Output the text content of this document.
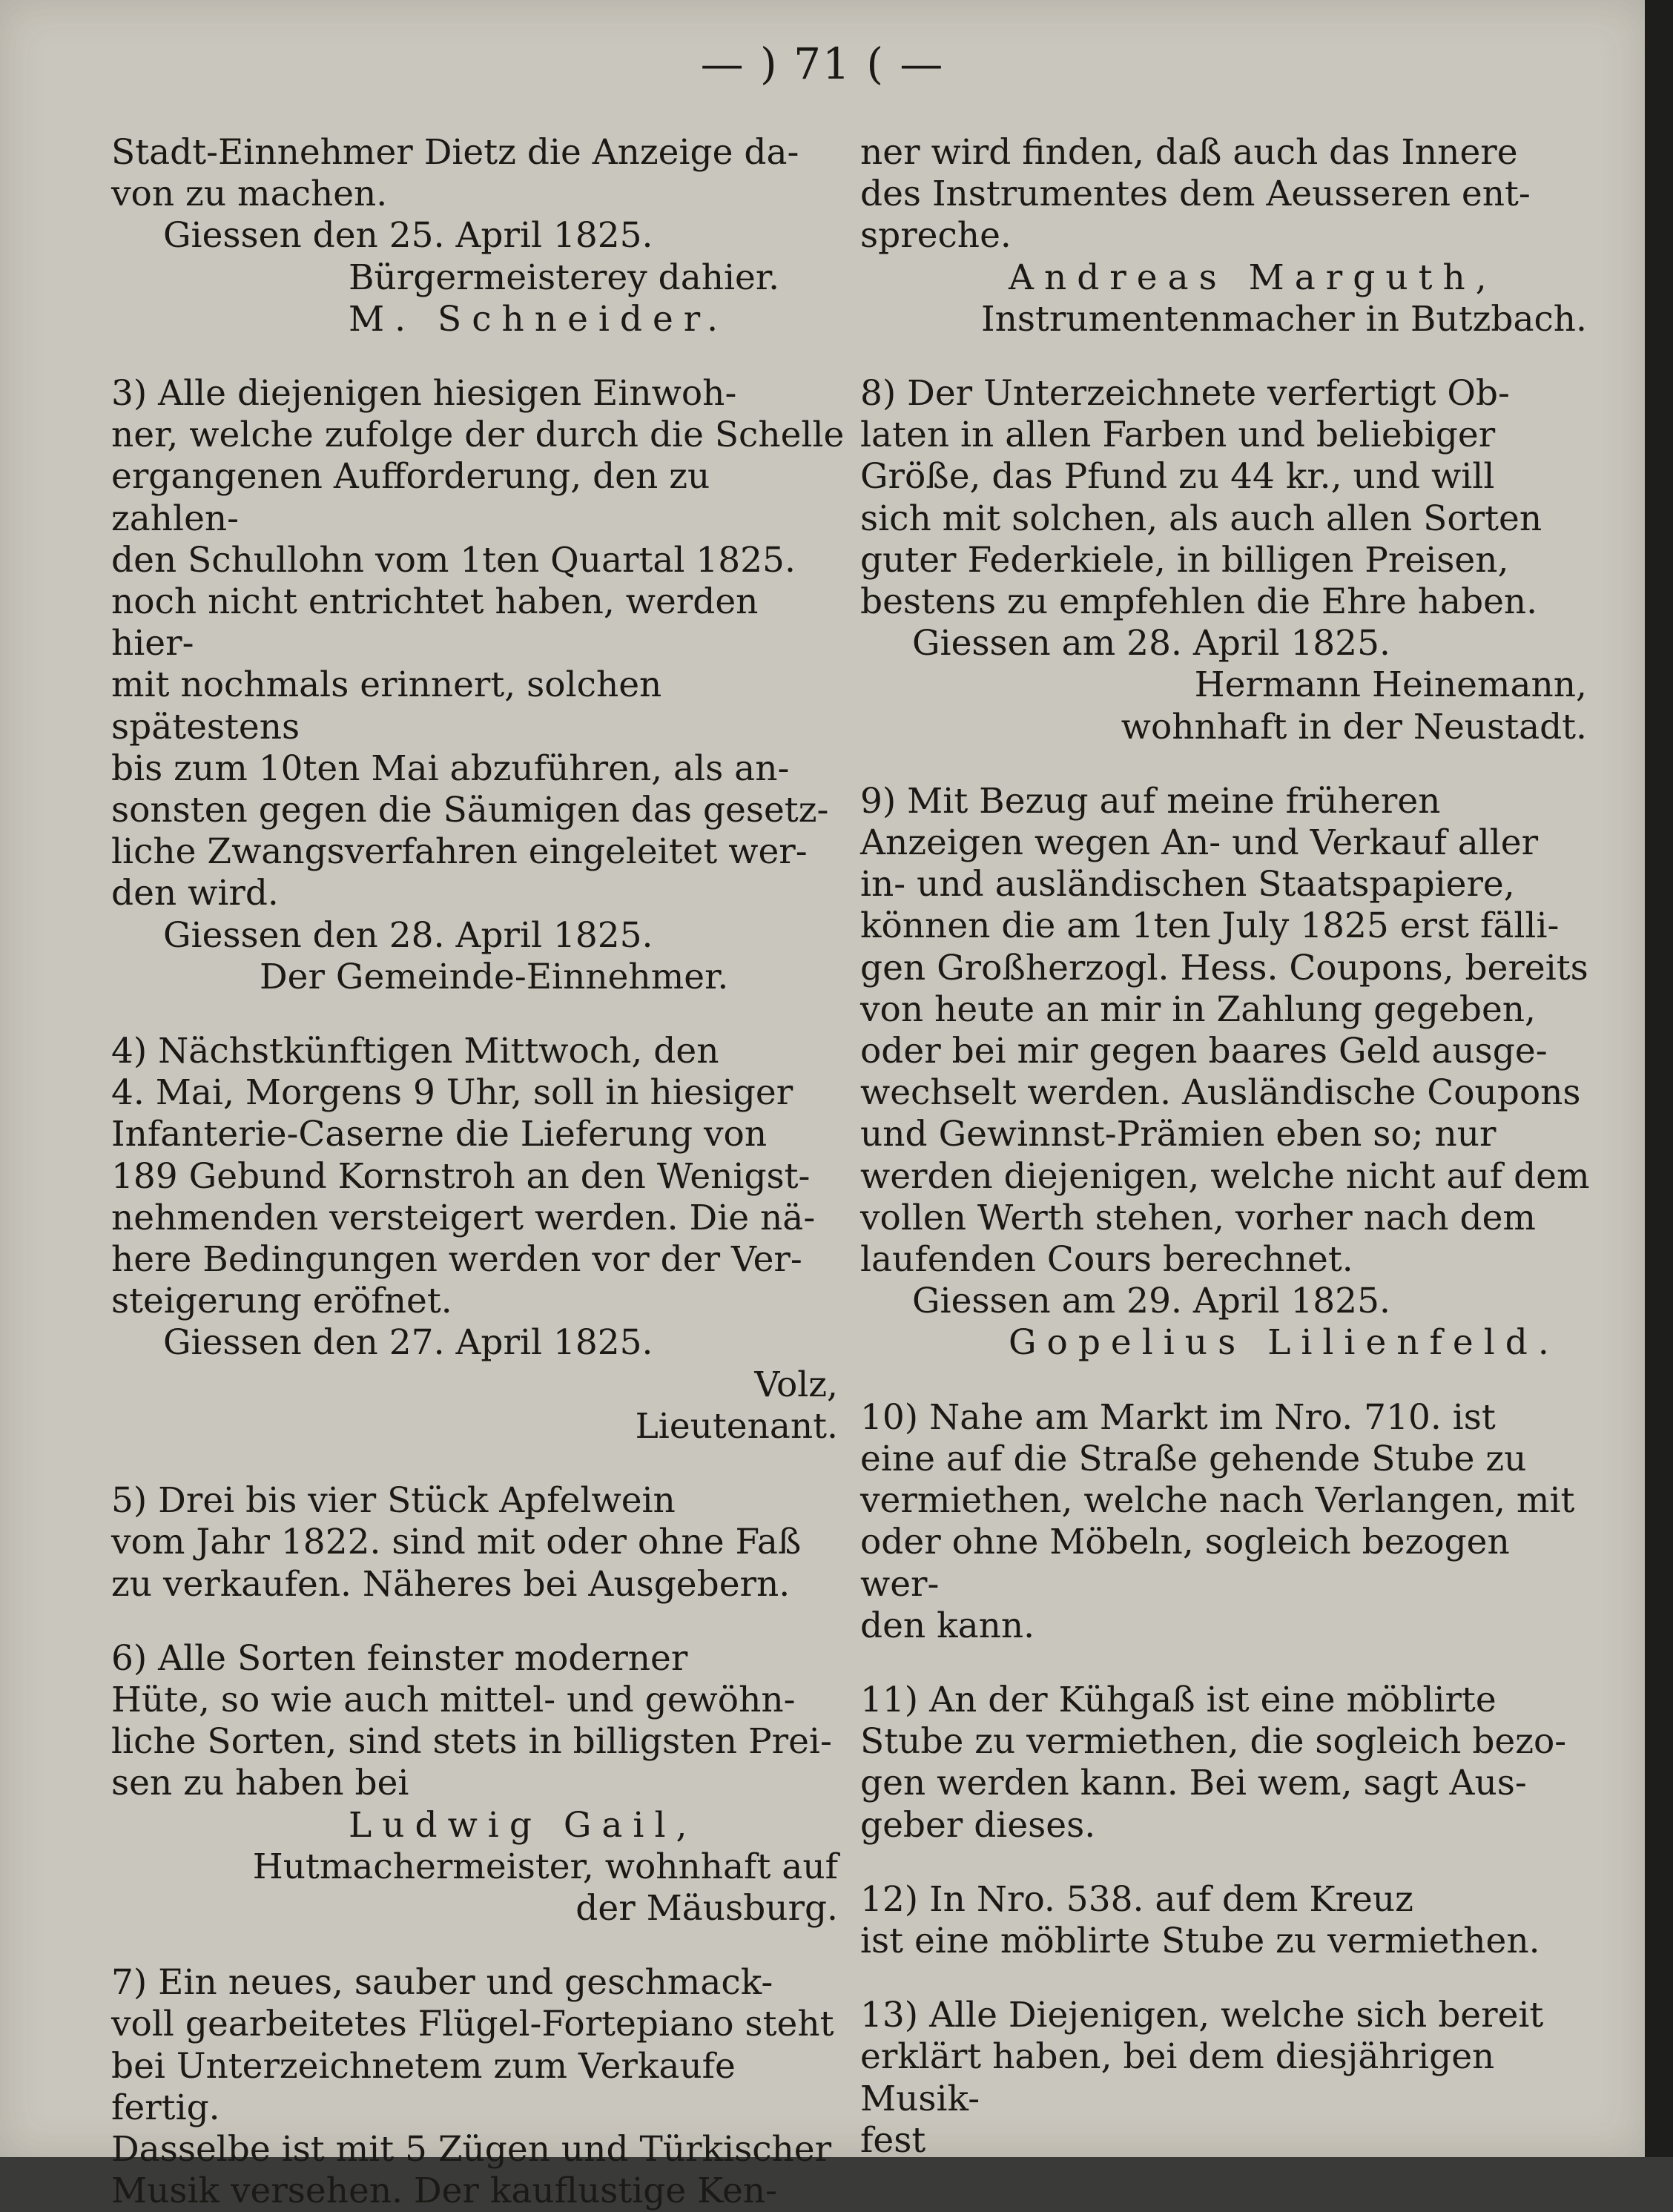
— ) 71 ( —

Stadt-Einnehmer Dietz die Anzeige da-

von zu machen.

Giessen den 25. April 1825.

Bürgermeisterey dahier.

M. Schneider.

3) Alle diejenigen hiesigen Einwoh-

ner, welche zufolge der durch die Schelle

ergangenen Aufforderung, den zu zahlen-

den Schullohn vom 1ten Quartal 1825.

noch nicht entrichtet haben, werden hier-

mit nochmals erinnert, solchen spätestens

bis zum 10ten Mai abzuführen, als an-

sonsten gegen die Säumigen das gesetz-

liche Zwangsverfahren eingeleitet wer-

den wird.

Giessen den 28. April 1825.

Der Gemeinde-Einnehmer.

4) Nächstkünftigen Mittwoch, den

4. Mai, Morgens 9 Uhr, soll in hiesiger

Infanterie-Caserne die Lieferung von

189 Gebund Kornstroh an den Wenigst-

nehmenden versteigert werden. Die nä-

here Bedingungen werden vor der Ver-

steigerung eröfnet.

Giessen den 27. April 1825.

Volz,

Lieutenant.

5) Drei bis vier Stück Apfelwein

vom Jahr 1822. sind mit oder ohne Faß

zu verkaufen. Näheres bei Ausgebern.

6) Alle Sorten feinster moderner

Hüte, so wie auch mittel- und gewöhn-

liche Sorten, sind stets in billigsten Prei-

sen zu haben bei

Ludwig Gail,

Hutmachermeister, wohnhaft auf

der Mäusburg.

7) Ein neues, sauber und geschmack-

voll gearbeitetes Flügel-Fortepiano steht

bei Unterzeichnetem zum Verkaufe fertig.

Dasselbe ist mit 5 Zügen und Türkischer

Musik versehen. Der kauflustige Ken-

ner wird finden, daß auch das Innere

des Instrumentes dem Aeusseren ent-

spreche.

Andreas Marguth,

Instrumentenmacher in Butzbach.

8) Der Unterzeichnete verfertigt Ob-

laten in allen Farben und beliebiger

Größe, das Pfund zu 44 kr., und will

sich mit solchen, als auch allen Sorten

guter Federkiele, in billigen Preisen,

bestens zu empfehlen die Ehre haben.

Giessen am 28. April 1825.

Hermann Heinemann,

wohnhaft in der Neustadt.

9) Mit Bezug auf meine früheren

Anzeigen wegen An- und Verkauf aller

in- und ausländischen Staatspapiere,

können die am 1ten July 1825 erst fälli-

gen Großherzogl. Hess. Coupons, bereits

von heute an mir in Zahlung gegeben,

oder bei mir gegen baares Geld ausge-

wechselt werden. Ausländische Coupons

und Gewinnst-Prämien eben so; nur

werden diejenigen, welche nicht auf dem

vollen Werth stehen, vorher nach dem

laufenden Cours berechnet.

Giessen am 29. April 1825.

Gopelius Lilienfeld.

10) Nahe am Markt im Nro. 710. ist

eine auf die Straße gehende Stube zu

vermiethen, welche nach Verlangen, mit

oder ohne Möbeln, sogleich bezogen wer-

den kann.

11) An der Kühgaß ist eine möblirte

Stube zu vermiethen, die sogleich bezo-

gen werden kann. Bei wem, sagt Aus-

geber dieses.

12) In Nro. 538. auf dem Kreuz

ist eine möblirte Stube zu vermiethen.

13) Alle Diejenigen, welche sich bereit

erklärt haben, bei dem diesjährigen Musik-

fest
